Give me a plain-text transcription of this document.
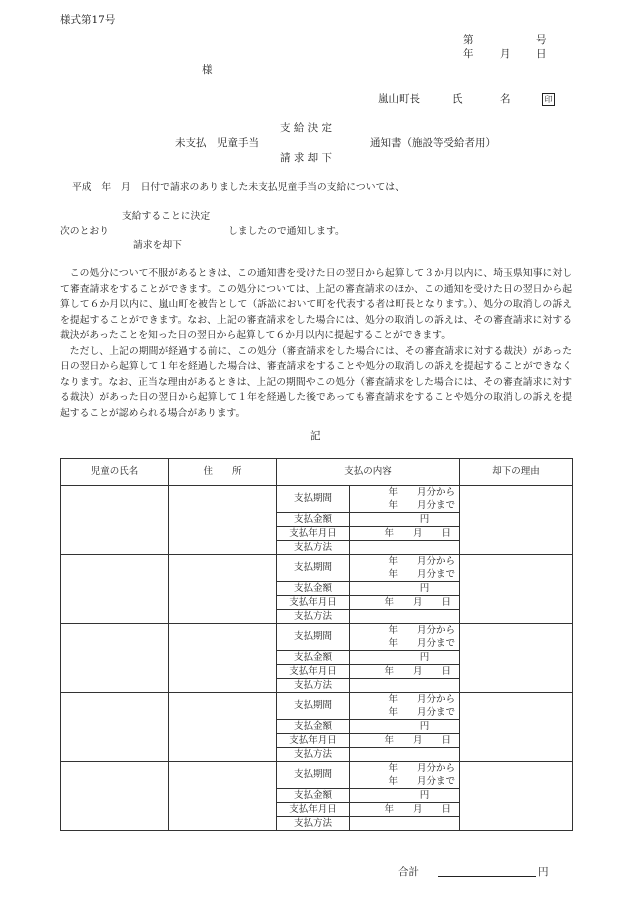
様式第17号
第	号
年	月 日
様
嵐山町長	氏	名	印
支 給 決 定
未支払　児童手当	通知書（施設等受給者用）
請 求 却 下
平成　年　月　日付で請求のありました未支払児童手当の支給については、
支給することに決定
次のとおり	しましたので通知します。
請求を却下

この処分について不服があるときは、この通知書を受けた日の翌日から起算して３か月以内に、埼玉県知事に対して審査請求をすることができます。この処分については、上記の審査請求のほか、この通知を受けた日の翌日から起算して６か月以内に、嵐山町を被告として（訴訟において町を代表する者は町長となります。）、処分の取消しの訴えを提起することができます。なお、上記の審査請求をした場合には、処分の取消しの訴えは、その審査請求に対する裁決があったことを知った日の翌日から起算して６か月以内に提起することができます。

ただし、上記の期間が経過する前に、この処分（審査請求をした場合には、その審査請求に対する裁決）があった日の翌日から起算して１年を経過した場合は、審査請求をすることや処分の取消しの訴えを提起することができなくなります。なお、正当な理由があるときは、上記の期間やこの処分（審査請求をした場合には、その審査請求に対する裁決）があった日の翌日から起算して１年を経過した後であっても審査請求をすることや処分の取消しの訴えを提起することが認められる場合があります。

記
児童の氏名	住　　所	支払の内容		却下の理由
		支払期間	年　　月分から
年　　月分まで	

		支払金額	円	
		支払年月日	年　　月　　日	
		支払方法		
		支払期間	年　　月分から
年　　月分まで	

		支払金額	円	
		支払年月日	年　　月　　日	
		支払方法		
		支払期間	年　　月分から
年　　月分まで	

		支払金額	円	
		支払年月日	年　　月　　日	
		支払方法		
		支払期間	年　　月分から
年　　月分まで	

		支払金額	円	
		支払年月日	年　　月　　日	
		支払方法		
		支払期間	年　　月分から
年　　月分まで	

		支払金額	円	
		支払年月日	年　　月　　日	
		支払方法		
合計	円
